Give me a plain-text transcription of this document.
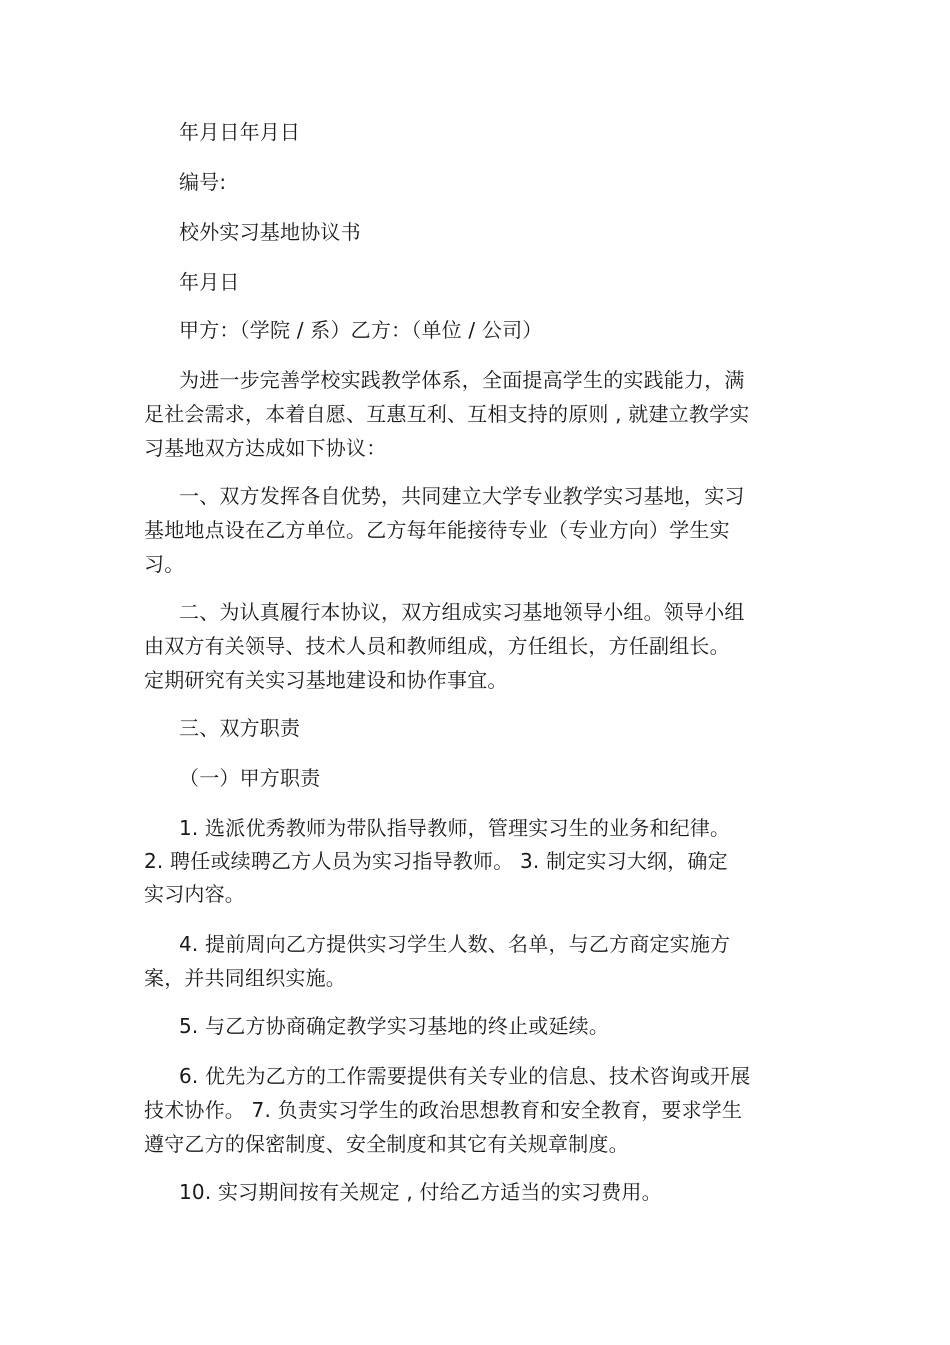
年月日年月日
编号:
校外实习基地协议书
年月日
甲方：（学院 / 系）乙方：（单位 / 公司）
为进一步完善学校实践教学体系，全面提高学生的实践能力，满
足社会需求，本着自愿、互惠互利、互相支持的原则 , 就建立教学实
习基地双方达成如下协议：
一、双方发挥各自优势，共同建立大学专业教学实习基地，实习
基地地点设在乙方单位。乙方每年能接待专业（专业方向）学生实
习。
二、为认真履行本协议，双方组成实习基地领导小组。领导小组
由双方有关领导、技术人员和教师组成，方任组长，方任副组长。
定期研究有关实习基地建设和协作事宜。
三、双方职责
（一）甲方职责
1. 选派优秀教师为带队指导教师，管理实习生的业务和纪律。
2. 聘任或续聘乙方人员为实习指导教师。 3. 制定实习大纲，确定
实习内容。
4. 提前周向乙方提供实习学生人数、名单，与乙方商定实施方
案，并共同组织实施。
5. 与乙方协商确定教学实习基地的终止或延续。
6. 优先为乙方的工作需要提供有关专业的信息、技术咨询或开展
技术协作。 7. 负责实习学生的政治思想教育和安全教育，要求学生
遵守乙方的保密制度、安全制度和其它有关规章制度。
10. 实习期间按有关规定 , 付给乙方适当的实习费用。
